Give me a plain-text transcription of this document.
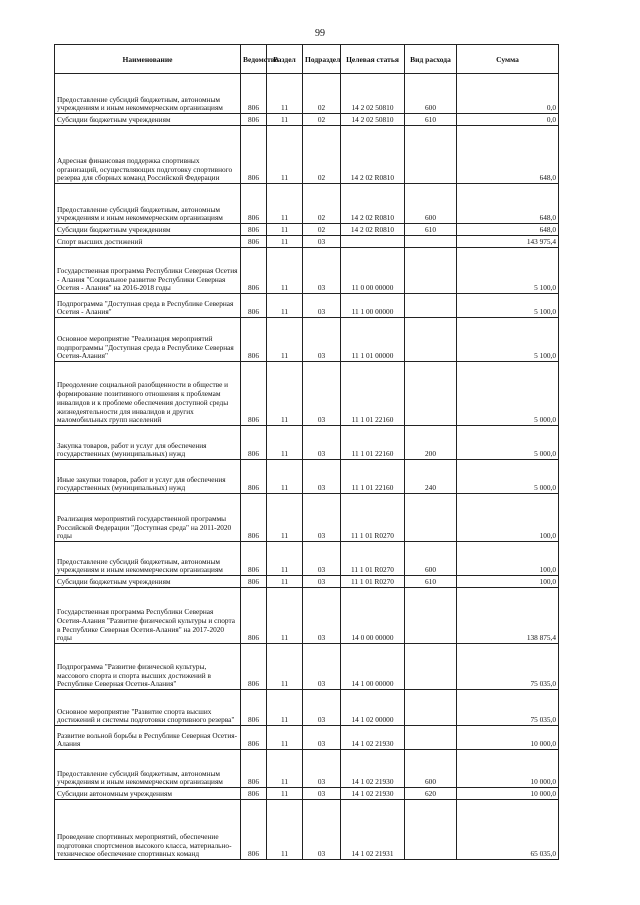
99
Наименование	Ведомство	Раздел	Подраздел	Целевая статья	Вид расхода	Сумма
Предоставление субсидий бюджетным, автономным учреждениям и иным некоммерческим организациям	806	11	02	14 2 02 50810	600	0,0
Субсидии бюджетным учреждениям	806	11	02	14 2 02 50810	610	0,0
Адресная финансовая поддержка спортивных организаций, осуществляющих подготовку спортивного резерва для сборных команд Российской Федерации	806	11	02	14 2 02 R0810		648,0
Предоставление субсидий бюджетным, автономным учреждениям и иным некоммерческим организациям	806	11	02	14 2 02 R0810	600	648,0
Субсидии бюджетным учреждениям	806	11	02	14 2 02 R0810	610	648,0
Спорт высших достижений	806	11	03			143 975,4
Государственная программа Республики Северная Осетия - Алания "Социальное развитие Республики Северная Осетия - Алания" на 2016-2018 годы	806	11	03	11 0 00 00000		5 100,0
Подпрограмма "Доступная среда в Республике Северная Осетия - Алания"	806	11	03	11 1 00 00000		5 100,0
Основное мероприятие "Реализация мероприятий подпрограммы "Доступная среда в Республике Северная Осетия-Алания"	806	11	03	11 1 01 00000		5 100,0
Преодоление социальной разобщенности в обществе и формирование позитивного отношения к проблемам инвалидов и к проблеме обеспечения доступной среды жизнедеятельности для инвалидов и других маломобильных групп населений	806	11	03	11 1 01 22160		5 000,0
Закупка товаров, работ и услуг для обеспечения государственных (муниципальных) нужд	806	11	03	11 1 01 22160	200	5 000,0
Иные закупки товаров, работ и услуг для обеспечения государственных (муниципальных) нужд	806	11	03	11 1 01 22160	240	5 000,0
Реализация мероприятий государственной программы Российской Федерации "Доступная среда" на 2011-2020 годы	806	11	03	11 1 01 R0270		100,0
Предоставление субсидий бюджетным, автономным учреждениям и иным некоммерческим организациям	806	11	03	11 1 01 R0270	600	100,0
Субсидии бюджетным учреждениям	806	11	03	11 1 01 R0270	610	100,0
Государственная программа Республики Северная Осетия-Алания "Развитие физической культуры и спорта в Республике Северная Осетия-Алания" на 2017-2020 годы	806	11	03	14 0 00 00000		138 875,4
Подпрограмма "Развитие физической культуры, массового спорта и спорта высших достижений в Республике Северная Осетия-Алания"	806	11	03	14 1 00 00000		75 035,0
Основное мероприятие "Развитие спорта высших достижений и системы подготовки спортивного резерва"	806	11	03	14 1 02 00000		75 035,0
Развитие вольной борьбы в Республике Северная Осетия-Алания	806	11	03	14 1 02 21930		10 000,0
Предоставление субсидий бюджетным, автономным учреждениям и иным некоммерческим организациям	806	11	03	14 1 02 21930	600	10 000,0
Субсидии автономным учреждениям	806	11	03	14 1 02 21930	620	10 000,0
Проведение спортивных мероприятий, обеспечение подготовки спортсменов высокого класса, материально-техническое обеспечение спортивных команд	806	11	03	14 1 02 21931		65 035,0
